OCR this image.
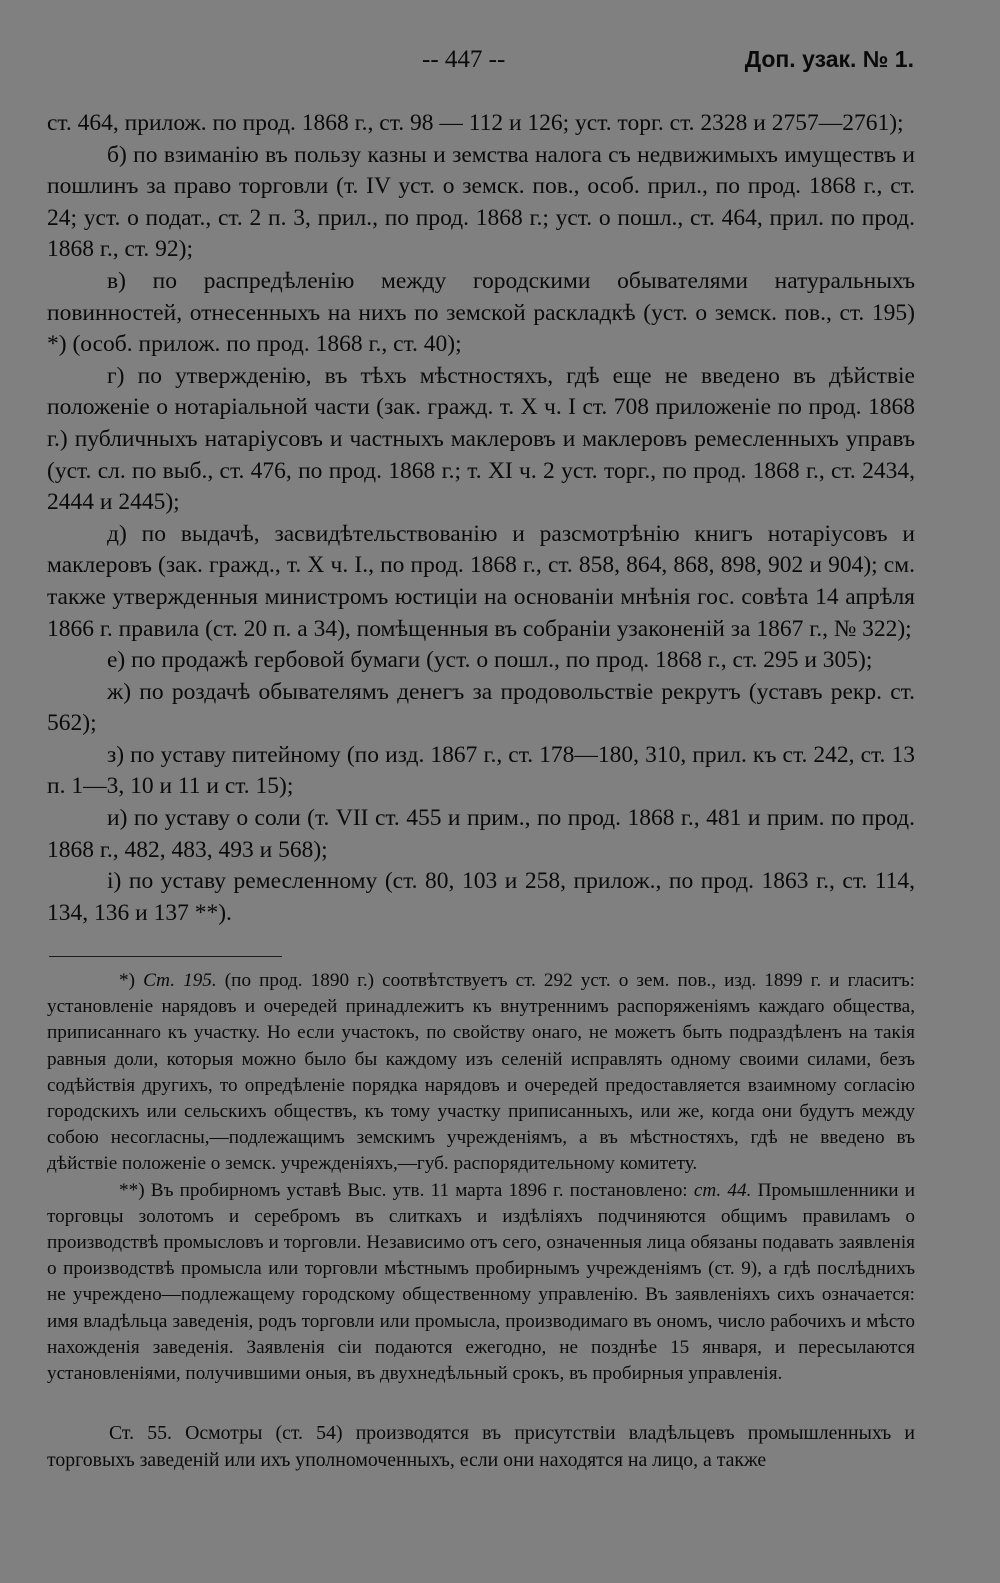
-- 447 --	Доп. узак. № 1.

ст. 464, прилож. по прод. 1868 г., ст. 98 — 112 и 126; уст. торг. ст. 2328 и 2757—2761);

б) по взиманію въ пользу казны и земства налога съ недвижимыхъ имуществъ и пошлинъ за право торговли (т. IV уст. о земск. пов., особ. прил., по прод. 1868 г., ст. 24; уст. о подат., ст. 2 п. 3, прил., по прод. 1868 г.; уст. о пошл., ст. 464, прил. по прод. 1868 г., ст. 92);

в) по распредѣленію между городскими обывателями натуральныхъ повинностей, отнесенныхъ на нихъ по земской раскладкѣ (уст. о земск. пов., ст. 195) *) (особ. прилож. по прод. 1868 г., ст. 40);

г) по утвержденію, въ тѣхъ мѣстностяхъ, гдѣ еще не введено въ дѣйствіе положеніе о нотаріальной части (зак. гражд. т. X ч. I ст. 708 приложеніе по прод. 1868 г.) публичныхъ натаріусовъ и частныхъ маклеровъ и маклеровъ ремесленныхъ управъ (уст. сл. по выб., ст. 476, по прод. 1868 г.; т. XI ч. 2 уст. торг., по прод. 1868 г., ст. 2434, 2444 и 2445);

д) по выдачѣ, засвидѣтельствованію и разсмотрѣнію книгъ нотаріусовъ и маклеровъ (зак. гражд., т. X ч. I., по прод. 1868 г., ст. 858, 864, 868, 898, 902 и 904); см. также утвержденныя министромъ юстиціи на основаніи мнѣнія гос. совѣта 14 апрѣля 1866 г. правила (ст. 20 п. а 34), помѣщенныя въ собраніи узаконеній за 1867 г., № 322);

е) по продажѣ гербовой бумаги (уст. о пошл., по прод. 1868 г., ст. 295 и 305);

ж) по роздачѣ обывателямъ денегъ за продовольствіе рекрутъ (уставъ рекр. ст. 562);

з) по уставу питейному (по изд. 1867 г., ст. 178—180, 310, прил. къ ст. 242, ст. 13 п. 1—3, 10 и 11 и ст. 15);

и) по уставу о соли (т. VII ст. 455 и прим., по прод. 1868 г., 481 и прим. по прод. 1868 г., 482, 483, 493 и 568);

і) по уставу ремесленному (ст. 80, 103 и 258, прилож., по прод. 1863 г., ст. 114, 134, 136 и 137 **).

*) Ст. 195. (по прод. 1890 г.) соотвѣтствуетъ ст. 292 уст. о зем. пов., изд. 1899 г. и гласитъ: установленіе нарядовъ и очередей принадлежитъ къ внутреннимъ распоряженіямъ каждаго общества, приписаннаго къ участку. Но если участокъ, по свойству онаго, не можетъ быть подраздѣленъ на такія равныя доли, которыя можно было бы каждому изъ селеній исправлять одному своими силами, безъ содѣйствія другихъ, то опредѣленіе порядка нарядовъ и очередей предоставляется взаимному согласію городскихъ или сельскихъ обществъ, къ тому участку приписанныхъ, или же, когда они будутъ между собою несогласны,—подлежащимъ земскимъ учрежденіямъ, а въ мѣстностяхъ, гдѣ не введено въ дѣйствіе положеніе о земск. учрежденіяхъ,—губ. распорядительному комитету.

**) Въ пробирномъ уставѣ Выс. утв. 11 марта 1896 г. постановлено: ст. 44. Промышленники и торговцы золотомъ и серебромъ въ слиткахъ и издѣліяхъ подчиняются общимъ правиламъ о производствѣ промысловъ и торговли. Независимо отъ сего, означенныя лица обязаны подавать заявленія о производствѣ промысла или торговли мѣстнымъ пробирнымъ учрежденіямъ (ст. 9), а гдѣ послѣднихъ не учреждено—подлежащему городскому общественному управленію. Въ заявленіяхъ сихъ означается: имя владѣльца заведенія, родъ торговли или промысла, производимаго въ ономъ, число рабочихъ и мѣсто нахожденія заведенія. Заявленія сіи подаются ежегодно, не позднѣе 15 января, и пересылаются установленіями, получившими оныя, въ двухнедѣльный срокъ, въ пробирныя управленія.

Ст. 55. Осмотры (ст. 54) производятся въ присутствіи владѣльцевъ промышленныхъ и торговыхъ заведеній или ихъ уполномоченныхъ, если они находятся на лицо, а также
